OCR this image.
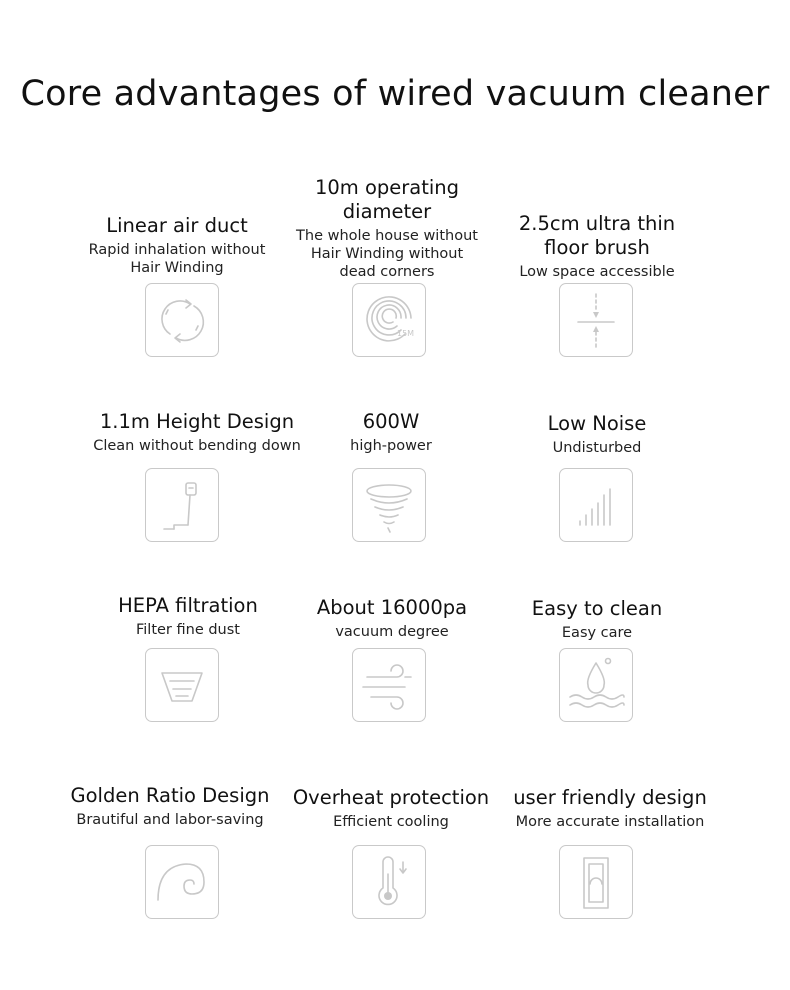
Core advantages of wired vacuum cleaner
Linear air duct
Rapid inhalation without
Hair Winding
10m operating
diameter
The whole house without
Hair Winding without
dead corners
15M
2.5cm ultra thin
floor brush
Low space accessible
1.1m Height Design
Clean without bending down
600W
high-power
Low Noise
Undisturbed
HEPA filtration
Filter fine dust
About 16000pa
vacuum degree
Easy to clean
Easy care
Golden Ratio Design
Brautiful and labor-saving
Overheat protection
Efficient cooling
user friendly design
More accurate installation
